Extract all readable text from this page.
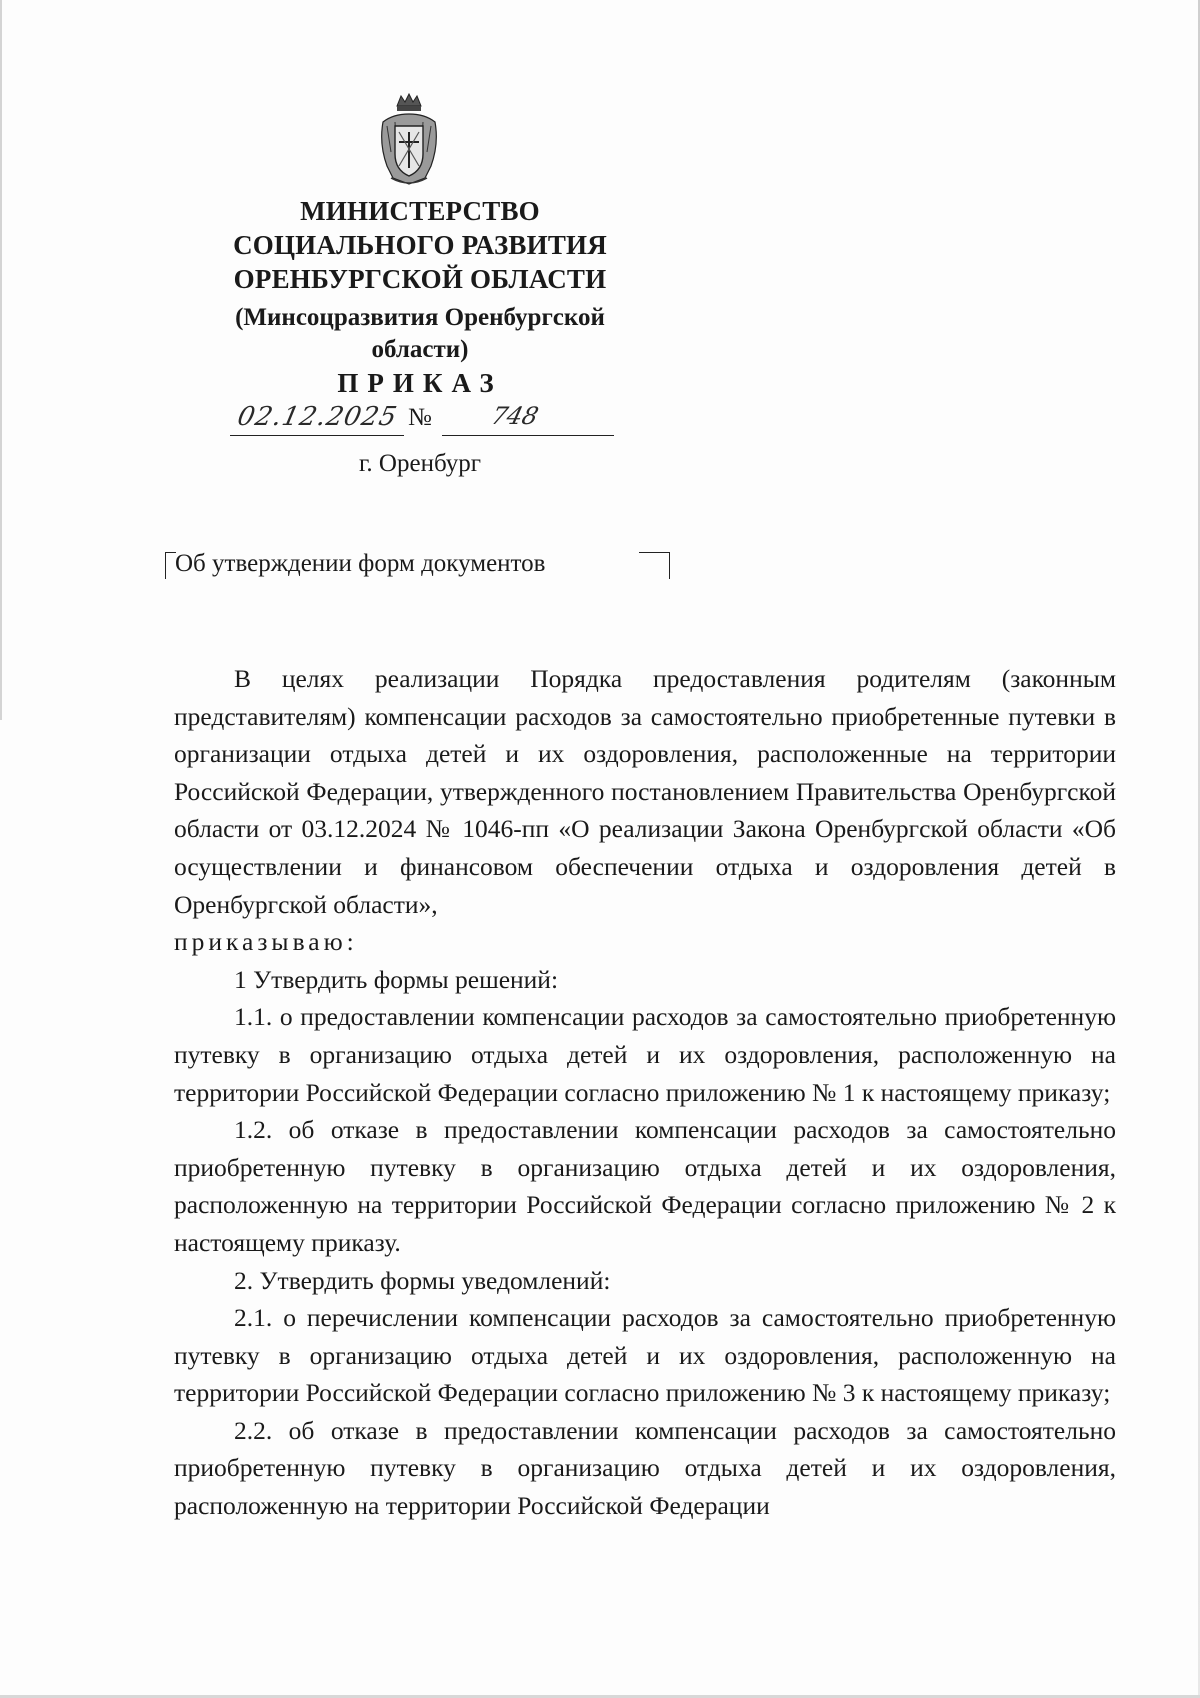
МИНИСТЕРСТВО
СОЦИАЛЬНОГО РАЗВИТИЯ
ОРЕНБУРГСКОЙ ОБЛАСТИ
(Минсоцразвития Оренбургской
области)
ПРИКАЗ
02.12.2025 № 748
г. Оренбург
Об утверждении форм документов

В целях реализации Порядка предоставления родителям (законным представителям) компенсации расходов за самостоятельно приобретенные путевки в организации отдыха детей и их оздоровления, расположенные на территории Российской Федерации, утвержденного постановлением Правительства Оренбургской области от 03.12.2024 № 1046-пп «О реализации Закона Оренбургской области «Об осуществлении и финансовом обеспечении отдыха и оздоровления детей в Оренбургской области»,

приказываю:

1 Утвердить формы решений:

1.1. о предоставлении компенсации расходов за самостоятельно приобретенную путевку в организацию отдыха детей и их оздоровления, расположенную на территории Российской Федерации согласно приложению № 1 к настоящему приказу;

1.2. об отказе в предоставлении компенсации расходов за самостоятельно приобретенную путевку в организацию отдыха детей и их оздоровления, расположенную на территории Российской Федерации согласно приложению № 2 к настоящему приказу.

2. Утвердить формы уведомлений:

2.1. о перечислении компенсации расходов за самостоятельно приобретенную путевку в организацию отдыха детей и их оздоровления, расположенную на территории Российской Федерации согласно приложению № 3 к настоящему приказу;

2.2. об отказе в предоставлении компенсации расходов за самостоятельно приобретенную путевку в организацию отдыха детей и их оздоровления, расположенную на территории Российской Федерации
